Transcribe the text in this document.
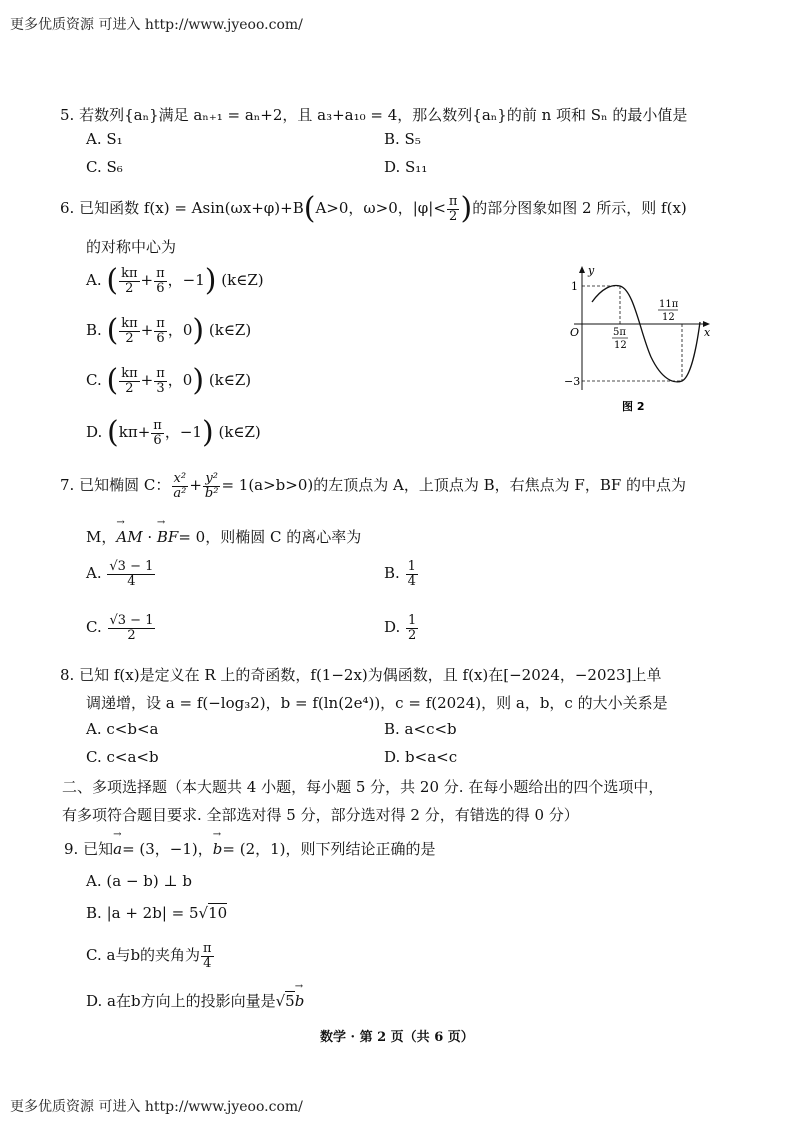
更多优质资源 可进入 http://www.jyeoo.com/
更多优质资源 可进入 http://www.jyeoo.com/
5. 若数列{aₙ}满足 aₙ₊₁ = aₙ+2，且 a₃+a₁₀ = 4，那么数列{aₙ}的前 n 项和 Sₙ 的最小值是
A. S₁	B. S₅
C. S₆	D. S₁₁
6. 已知函数 f(x) = Asin(ωx+φ)+B(A>0，ω>0，$|\varphi|< \frac{\pi}{2}$ )的部分图象如图 2 所示，则 f(x)
的对称中心为
A. ( $\frac{k\pi}{2} + \frac{\pi}{6}$ ，−1) (k∈Z)
B. ( $\frac{k\pi}{2} + \frac{\pi}{6}$ ，0) (k∈Z)
C. ( $\frac{k\pi}{2} + \frac{\pi}{3}$ ，0) (k∈Z)
D. ($k\pi+ \frac{\pi}{6}$ ，−1) (k∈Z)
y
x
O
1
−3
5π
12
11π
12
图 2
7. 已知椭圆 C： $\frac{\text{x²}}{\text{a²}} + \frac{\text{y²}}{\text{b²}} = 1(a>b>0)$的左顶点为 A，上顶点为 B，右焦点为 F，BF 的中点为
M，→ AM · → BF= 0，则椭圆 C 的离心率为
A. $\frac{√3 - 1}{4}$	B. $\frac{1}{4}$
C. $\frac{√3 - 1}{2}$	D. $\frac{1}{2}$
8. 已知 f(x)是定义在 R 上的奇函数，f(1−2x)为偶函数，且 f(x)在[−2024，−2023]上单
调递增，设 a = f(−log₃2)，b = f(ln(2e⁴))，c = f(2024)，则 a，b，c 的大小关系是
A. c<b<a	B. a<c<b
C. c<a<b	D. b<a<c
二、多项选择题（本大题共 4 小题，每小题 5 分，共 20 分. 在每小题给出的四个选项中，
有多项符合题目要求. 全部选对得 5 分，部分选对得 2 分，有错选的得 0 分）
9. 已知→ a= (3，−1)，→ b= (2，1)，则下列结论正确的是
A. (a − b) ⊥ b
B. |a + 2b| = 5√10
C. a与b的夹角为 $\frac{\pi}{4}$
D. a在b方向上的投影向量是√5→ b
数学 · 第 2 页（共 6 页）
